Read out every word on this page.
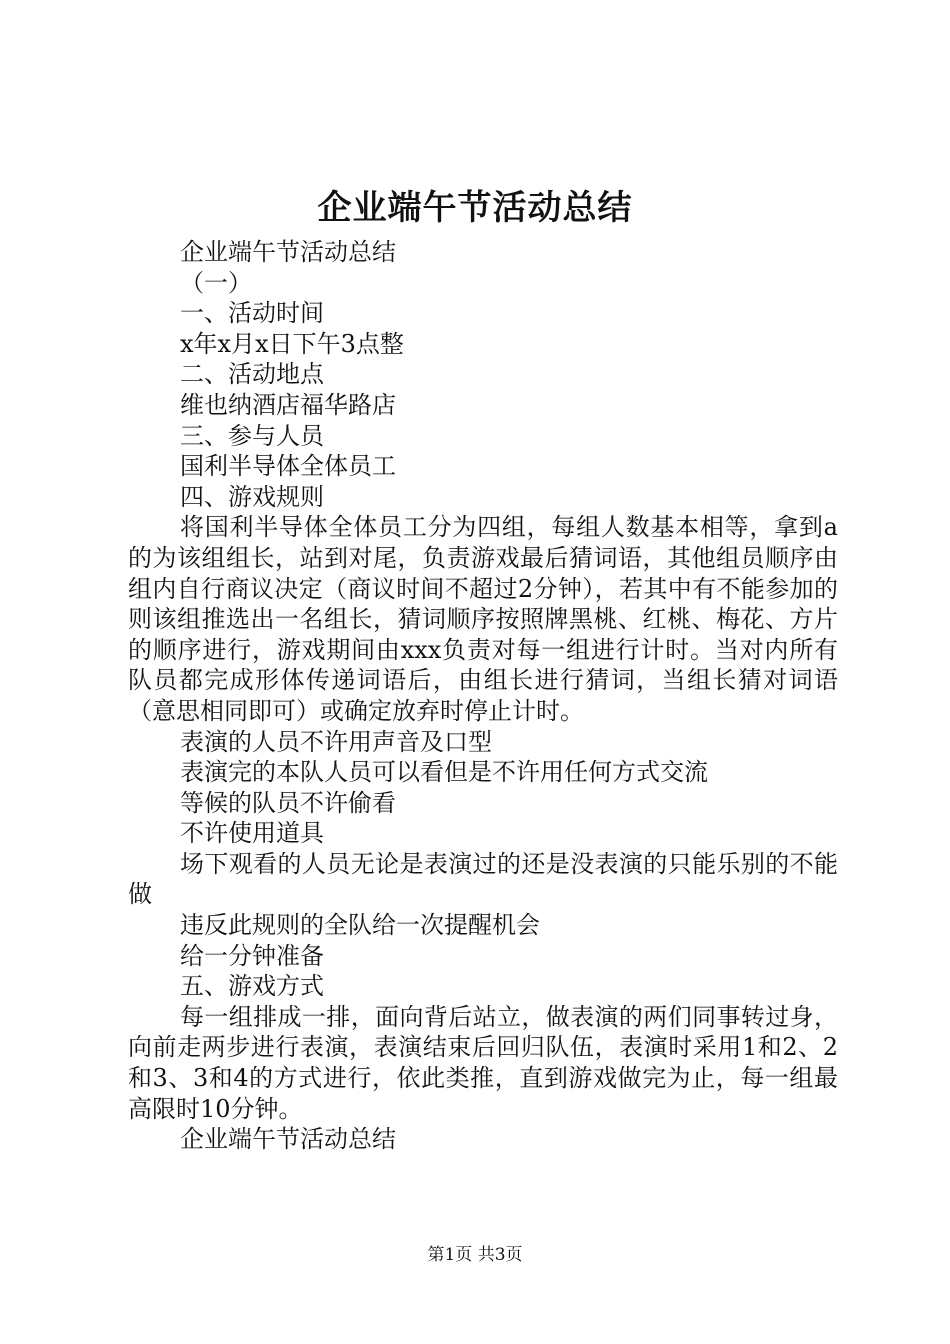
企业端午节活动总结

企业端午节活动总结

（一）

一、活动时间

x年x月x日下午3点整

二、活动地点

维也纳酒店福华路店

三、参与人员

国利半导体全体员工

四、游戏规则

将国利半导体全体员工分为四组，每组人数基本相等，拿到a的为该组组长，站到对尾，负责游戏最后猜词语，其他组员顺序由组内自行商议决定（商议时间不超过2分钟），若其中有不能参加的则该组推选出一名组长，猜词顺序按照牌黑桃、红桃、梅花、方片的顺序进行，游戏期间由xxx负责对每一组进行计时。当对内所有队员都完成形体传递词语后，由组长进行猜词，当组长猜对词语（意思相同即可）或确定放弃时停止计时。

表演的人员不许用声音及口型

表演完的本队人员可以看但是不许用任何方式交流

等候的队员不许偷看

不许使用道具

场下观看的人员无论是表演过的还是没表演的只能乐别的不能做

违反此规则的全队给一次提醒机会

给一分钟准备

五、游戏方式

每一组排成一排，面向背后站立，做表演的两们同事转过身，向前走两步进行表演，表演结束后回归队伍，表演时采用1和2、2和3、3和4的方式进行，依此类推，直到游戏做完为止，每一组最高限时10分钟。

企业端午节活动总结

第1页 共3页
